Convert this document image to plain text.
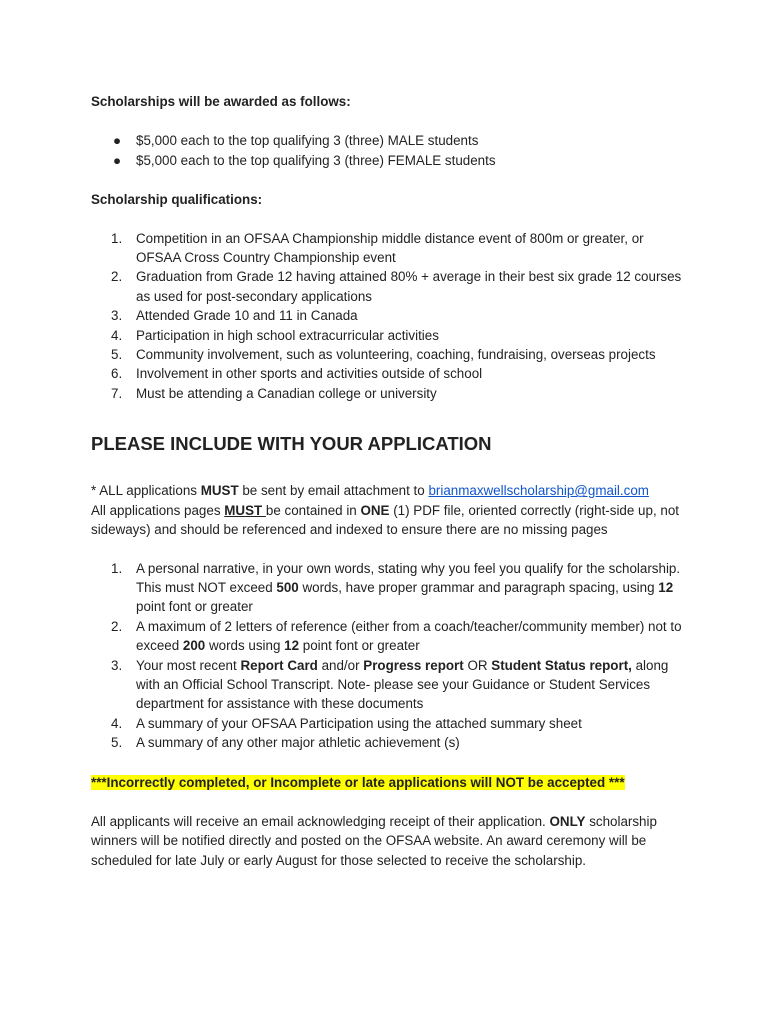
Scholarships will be awarded as follows:

● $5,000 each to the top qualifying 3 (three) MALE students
● $5,000 each to the top qualifying 3 (three) FEMALE students

Scholarship qualifications:

1. Competition in an OFSAA Championship middle distance event of 800m or greater, or OFSAA Cross Country Championship event
2. Graduation from Grade 12 having attained 80% + average in their best six grade 12 courses as used for post-secondary applications
3. Attended Grade 10 and 11 in Canada
4. Participation in high school extracurricular activities
5. Community involvement, such as volunteering, coaching, fundraising, overseas projects
6. Involvement in other sports and activities outside of school
7. Must be attending a Canadian college or university

PLEASE INCLUDE WITH YOUR APPLICATION

* ALL applications MUST be sent by email attachment to brianmaxwellscholarship@gmail.com

All applications pages MUST be contained in ONE (1) PDF file, oriented correctly (right-side up, not sideways) and should be referenced and indexed to ensure there are no missing pages

1. A personal narrative, in your own words, stating why you feel you qualify for the scholarship. This must NOT exceed 500 words, have proper grammar and paragraph spacing, using 12 point font or greater
2. A maximum of 2 letters of reference (either from a coach/teacher/community member) not to exceed 200 words using 12 point font or greater
3. Your most recent Report Card and/or Progress report OR Student Status report, along with an Official School Transcript. Note- please see your Guidance or Student Services department for assistance with these documents
4. A summary of your OFSAA Participation using the attached summary sheet
5. A summary of any other major athletic achievement (s)

***Incorrectly completed, or Incomplete or late applications will NOT be accepted ***

All applicants will receive an email acknowledging receipt of their application. ONLY scholarship winners will be notified directly and posted on the OFSAA website. An award ceremony will be scheduled for late July or early August for those selected to receive the scholarship.
